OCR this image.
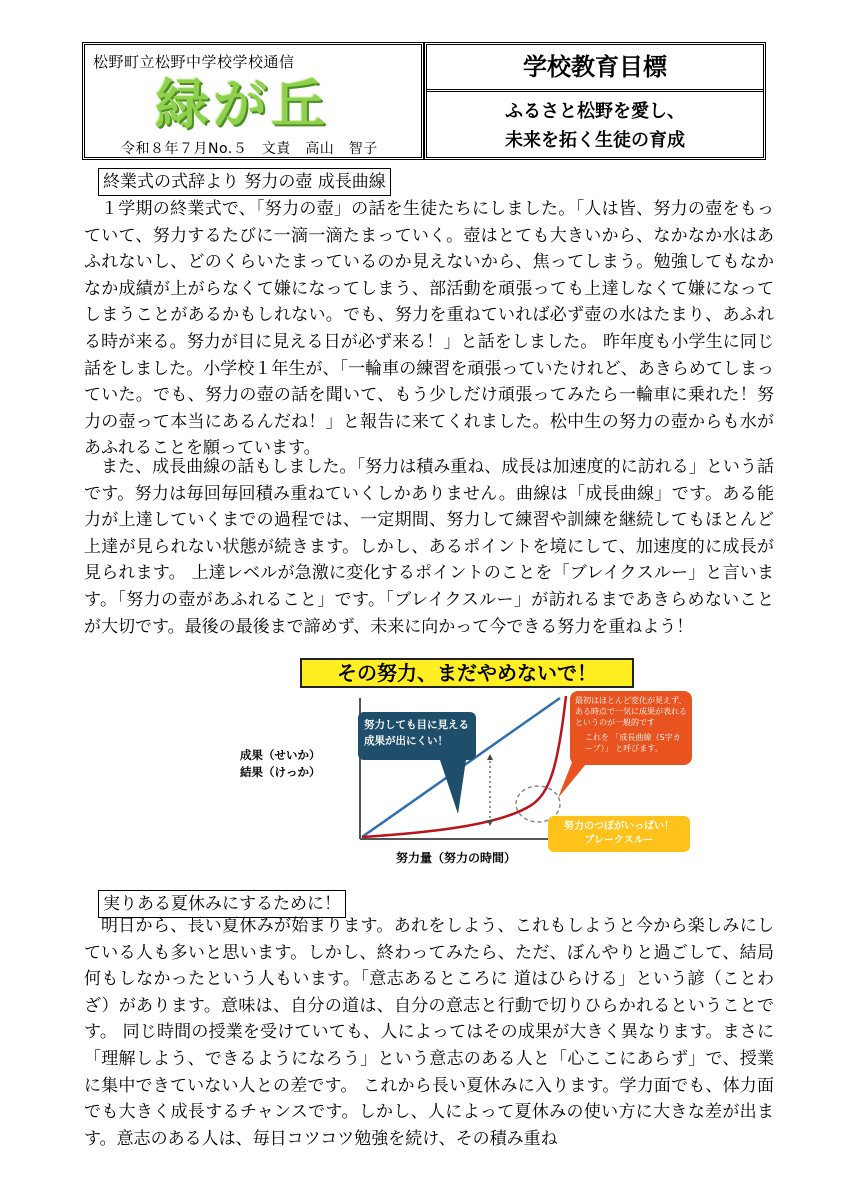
松野町立松野中学校学校通信
緑が丘
令和８年７月No.５　文責　高山　智子
学校教育目標
ふるさと松野を愛し、
未来を拓く生徒の育成
終業式の式辞より 努力の壺 成長曲線

１学期の終業式で、「努力の壺」の話を生徒たちにしました。「人は皆、努力の壺をもっていて、努力するたびに一滴一滴たまっていく。壺はとても大きいから、なかなか水はあふれないし、どのくらいたまっているのか見えないから、焦ってしまう。勉強してもなかなか成績が上がらなくて嫌になってしまう、部活動を頑張っても上達しなくて嫌になってしまうことがあるかもしれない。でも、努力を重ねていれば必ず壺の水はたまり、あふれる時が来る。努力が目に見える日が必ず来る！」と話をしました。 昨年度も小学生に同じ話をしました。小学校１年生が、「一輪車の練習を頑張っていたけれど、あきらめてしまっていた。でも、努力の壺の話を聞いて、もう少しだけ頑張ってみたら一輪車に乗れた！努力の壺って本当にあるんだね！」と報告に来てくれました。松中生の努力の壺からも水があふれることを願っています。

また、成長曲線の話もしました。「努力は積み重ね、成長は加速度的に訪れる」という話です。努力は毎回毎回積み重ねていくしかありません。曲線は「成長曲線」です。ある能力が上達していくまでの過程では、一定期間、努力して練習や訓練を継続してもほとんど上達が見られない状態が続きます。しかし、あるポイントを境にして、加速度的に成長が見られます。 上達レベルが急激に変化するポイントのことを「ブレイクスルー」と言います。「努力の壺があふれること」です。「ブレイクスルー」が訪れるまであきらめないことが大切です。最後の最後まで諦めず、未来に向かって今できる努力を重ねよう！

その努力、まだやめないで！
成果（せいか）
結果（けっか）
努力量（努力の時間）
努力しても目に見える成果が出にくい！
最初はほとんど変化が見えず、ある時点で一気に成果が表れるというのが一般的です
これを 「成長曲線（S字カーブ）」 と呼びます。
努力のつぼがいっぱい！
ブレークスルー
実りある夏休みにするために！

明日から、長い夏休みが始まります。あれをしよう、これもしようと今から楽しみにしている人も多いと思います。しかし、終わってみたら、ただ、ぼんやりと過ごして、結局何もしなかったという人もいます。「意志あるところに 道はひらける」という諺（ことわざ）があります。意味は、自分の道は、自分の意志と行動で切りひらかれるということです。 同じ時間の授業を受けていても、人によってはその成果が大きく異なります。まさに「理解しよう、できるようになろう」という意志のある人と「心ここにあらず」で、授業に集中できていない人との差です。 これから長い夏休みに入ります。学力面でも、体力面でも大きく成長するチャンスです。しかし、人によって夏休みの使い方に大きな差が出ます。意志のある人は、毎日コツコツ勉強を続け、その積み重ね
